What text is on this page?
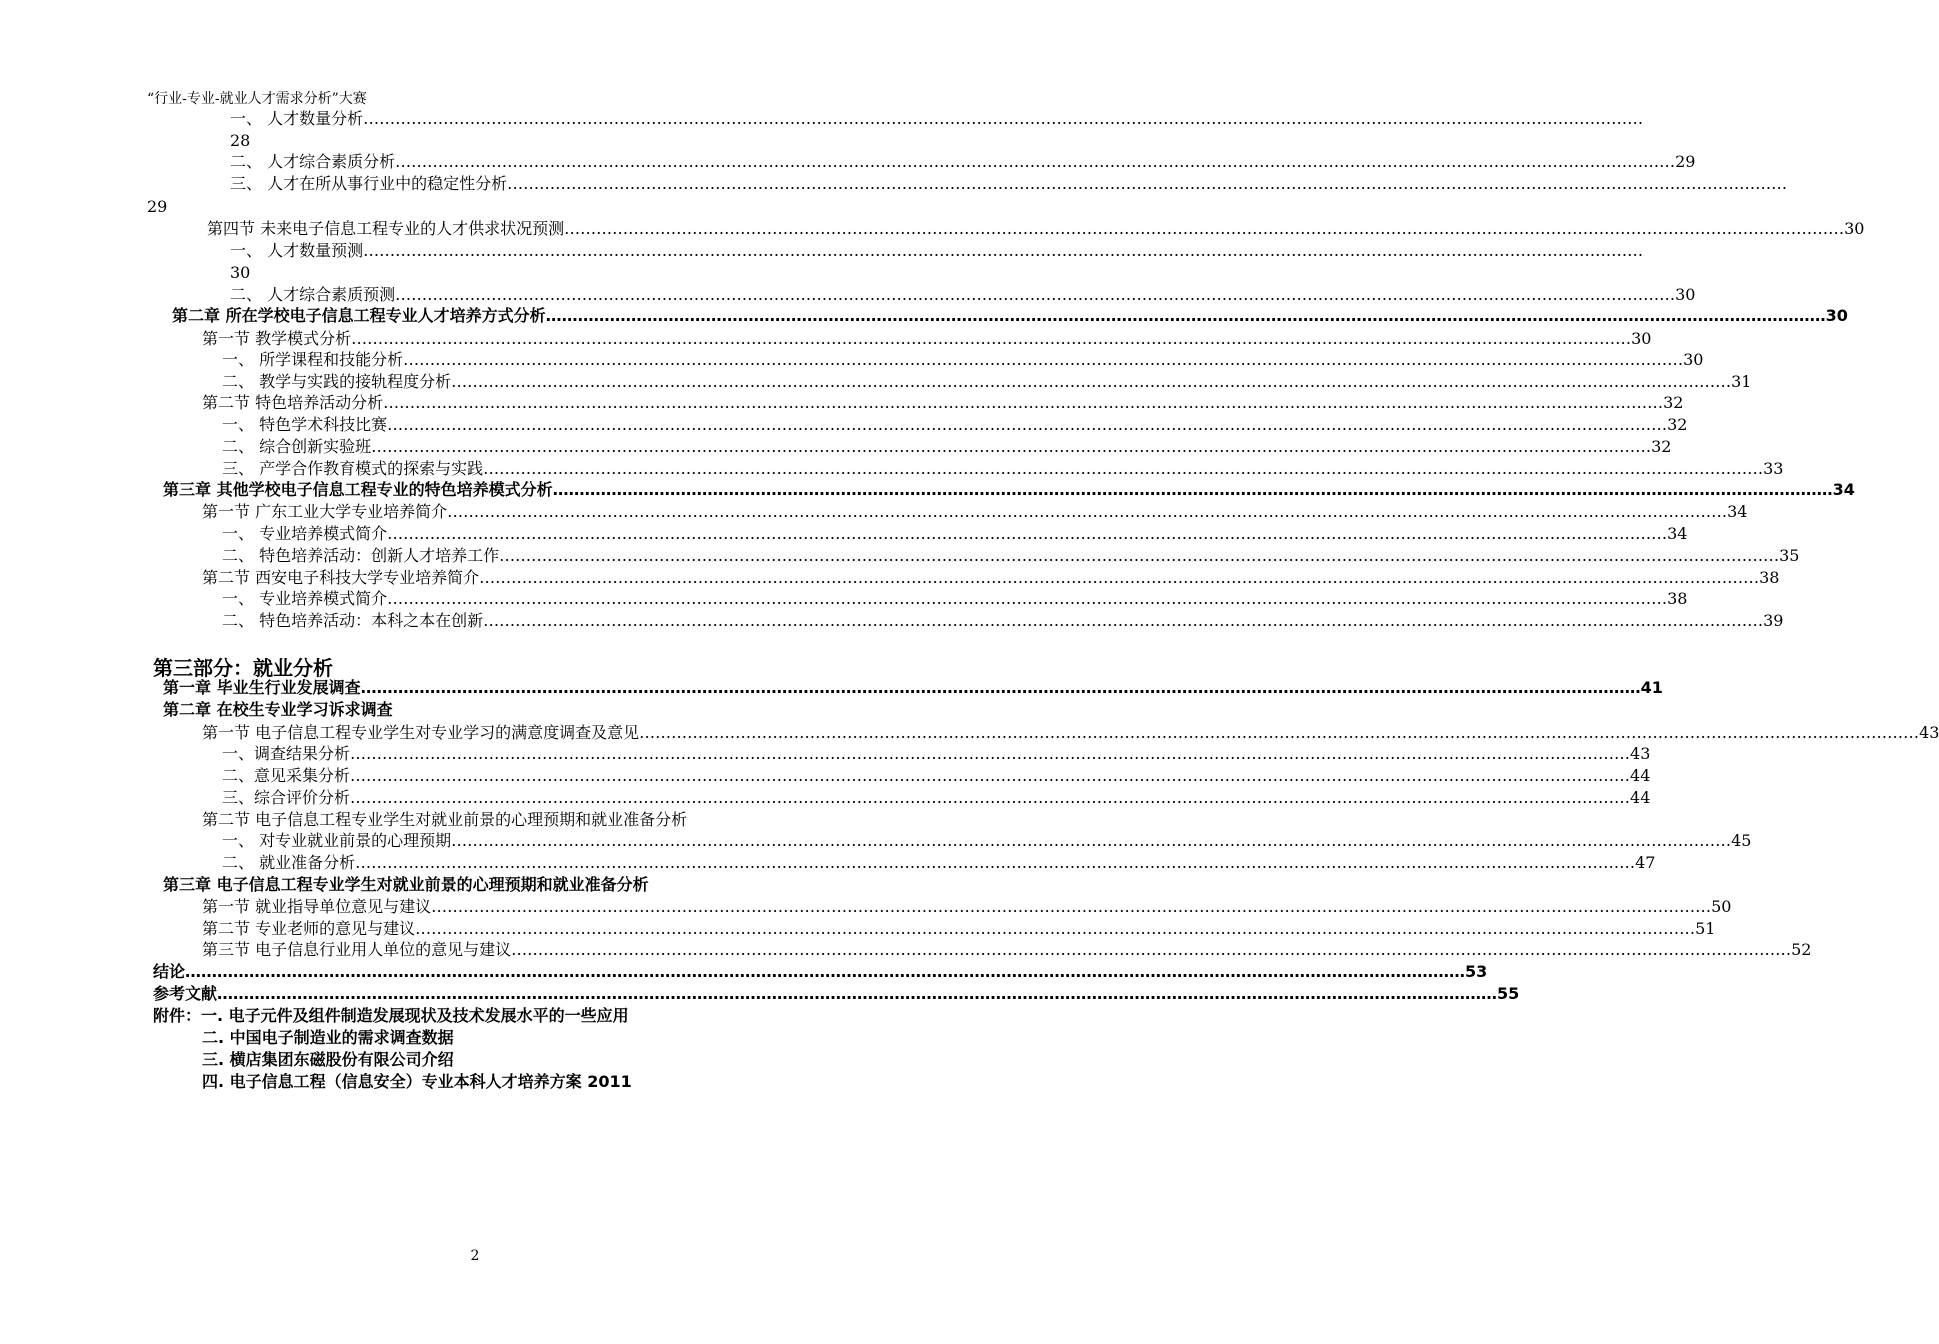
“行业-专业-就业人才需求分析”大赛
一、 人才数量分析 ……………………………………………………………………………………………………………………………………………………………………………………………………………………
28
二、 人才综合素质分析 …………………………………………………………………………………………………………………………………………………………………………………………………………………… 29
三、 人才在所从事行业中的稳定性分析 ……………………………………………………………………………………………………………………………………………………………………………………………………………………
29
第四节 未来电子信息工程专业的人才供求状况预测 …………………………………………………………………………………………………………………………………………………………………………………………………………………… 30
一、 人才数量预测 ……………………………………………………………………………………………………………………………………………………………………………………………………………………
30
二、 人才综合素质预测 …………………………………………………………………………………………………………………………………………………………………………………………………………………… 30
第二章 所在学校电子信息工程专业人才培养方式分析 …………………………………………………………………………………………………………………………………………………………………………………………………………………… 30
第一节 教学模式分析 …………………………………………………………………………………………………………………………………………………………………………………………………………………… 30
一、 所学课程和技能分析 …………………………………………………………………………………………………………………………………………………………………………………………………………………… 30
二、 教学与实践的接轨程度分析 …………………………………………………………………………………………………………………………………………………………………………………………………………………… 31
第二节 特色培养活动分析 …………………………………………………………………………………………………………………………………………………………………………………………………………………… 32
一、 特色学术科技比赛 …………………………………………………………………………………………………………………………………………………………………………………………………………………… 32
二、 综合创新实验班 …………………………………………………………………………………………………………………………………………………………………………………………………………………… 32
三、 产学合作教育模式的探索与实践 …………………………………………………………………………………………………………………………………………………………………………………………………………………… 33
第三章 其他学校电子信息工程专业的特色培养模式分析 …………………………………………………………………………………………………………………………………………………………………………………………………………………… 34
第一节 广东工业大学专业培养简介 …………………………………………………………………………………………………………………………………………………………………………………………………………………… 34
一、 专业培养模式简介 …………………………………………………………………………………………………………………………………………………………………………………………………………………… 34
二、 特色培养活动：创新人才培养工作 …………………………………………………………………………………………………………………………………………………………………………………………………………………… 35
第二节 西安电子科技大学专业培养简介 …………………………………………………………………………………………………………………………………………………………………………………………………………………… 38
一、 专业培养模式简介 …………………………………………………………………………………………………………………………………………………………………………………………………………………… 38
二、 特色培养活动：本科之本在创新 …………………………………………………………………………………………………………………………………………………………………………………………………………………… 39
第一章 毕业生行业发展调查 …………………………………………………………………………………………………………………………………………………………………………………………………………………… 41
第二章 在校生专业学习诉求调查
第一节 电子信息工程专业学生对专业学习的满意度调查及意见 …………………………………………………………………………………………………………………………………………………………………………………………………………………… 43
一、调查结果分析 …………………………………………………………………………………………………………………………………………………………………………………………………………………… 43
二、意见采集分析 …………………………………………………………………………………………………………………………………………………………………………………………………………………… 44
三、综合评价分析 …………………………………………………………………………………………………………………………………………………………………………………………………………………… 44
第二节 电子信息工程专业学生对就业前景的心理预期和就业准备分析
一、 对专业就业前景的心理预期 …………………………………………………………………………………………………………………………………………………………………………………………………………………… 45
二、 就业准备分析 …………………………………………………………………………………………………………………………………………………………………………………………………………………… 47
第三章 电子信息工程专业学生对就业前景的心理预期和就业准备分析
第一节 就业指导单位意见与建议 …………………………………………………………………………………………………………………………………………………………………………………………………………………… 50
第二节 专业老师的意见与建议 …………………………………………………………………………………………………………………………………………………………………………………………………………………… 51
第三节 电子信息行业用人单位的意见与建议 …………………………………………………………………………………………………………………………………………………………………………………………………………………… 52
结论 …………………………………………………………………………………………………………………………………………………………………………………………………………………… 53
参考文献 …………………………………………………………………………………………………………………………………………………………………………………………………………………… 55
附件：一. 电子元件及组件制造发展现状及技术发展水平的一些应用
二. 中国电子制造业的需求调查数据
三. 横店集团东磁股份有限公司介绍
四. 电子信息工程（信息安全）专业本科人才培养方案 2011
第三部分：就业分析
2
